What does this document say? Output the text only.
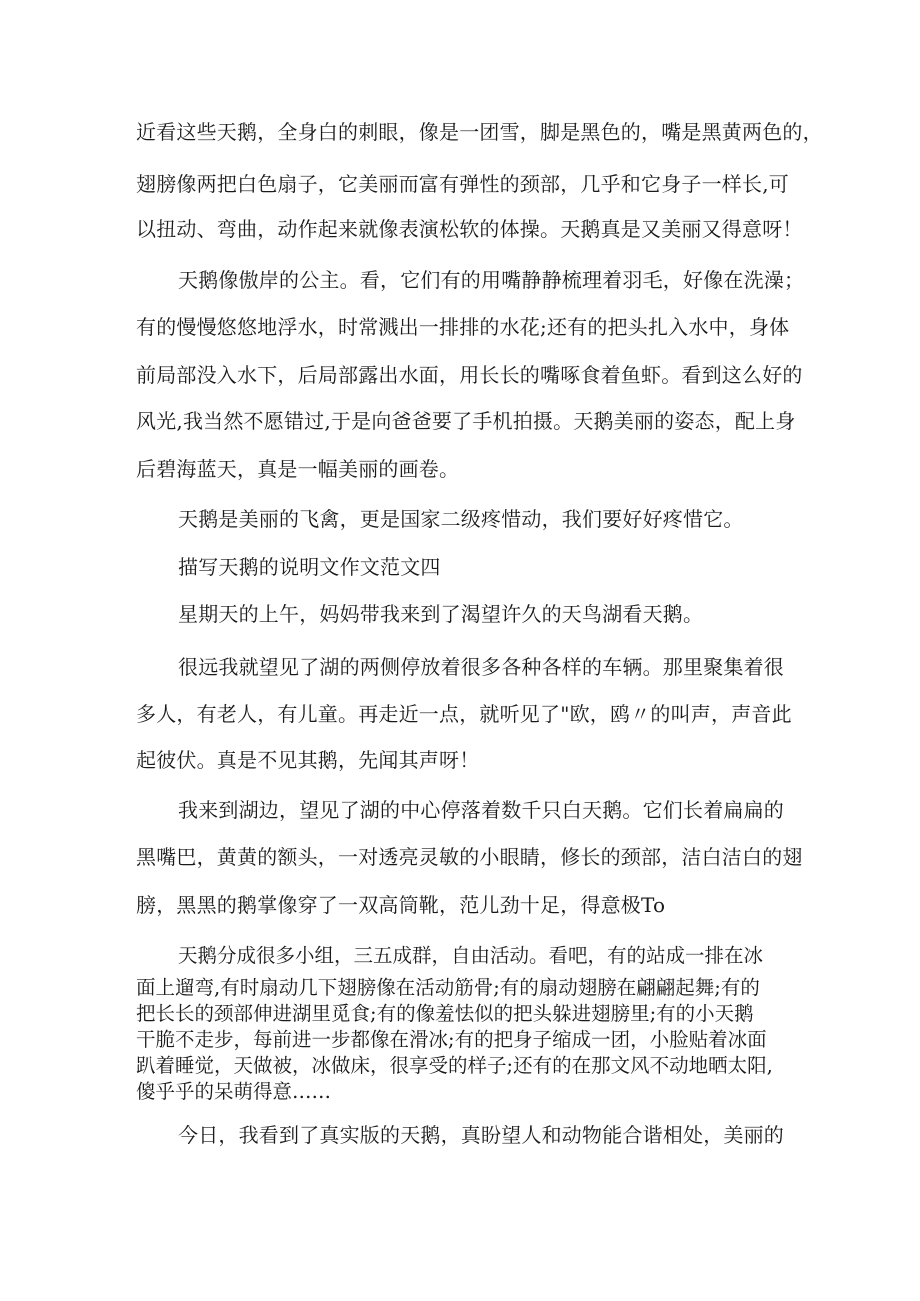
近看这些天鹅，全身白的刺眼，像是一团雪，脚是黑色的，嘴是黑黄两色的，
翅膀像两把白色扇子，它美丽而富有弹性的颈部，几乎和它身子一样长,可
以扭动、弯曲，动作起来就像表演松软的体操。天鹅真是又美丽又得意呀！
天鹅像傲岸的公主。看，它们有的用嘴静静梳理着羽毛，好像在洗澡；
有的慢慢悠悠地浮水，时常溅出一排排的水花;还有的把头扎入水中，身体
前局部没入水下，后局部露出水面，用长长的嘴啄食着鱼虾。看到这么好的
风光,我当然不愿错过,于是向爸爸要了手机拍摄。天鹅美丽的姿态，配上身
后碧海蓝天，真是一幅美丽的画卷。
天鹅是美丽的飞禽，更是国家二级疼惜动，我们要好好疼惜它。
描写天鹅的说明文作文范文四
星期天的上午，妈妈带我来到了渴望许久的天鸟湖看天鹅。
很远我就望见了湖的两侧停放着很多各种各样的车辆。那里聚集着很
多人，有老人，有儿童。再走近一点，就听见了"欧，鸥〃的叫声，声音此
起彼伏。真是不见其鹅，先闻其声呀！
我来到湖边，望见了湖的中心停落着数千只白天鹅。它们长着扁扁的
黑嘴巴，黄黄的额头，一对透亮灵敏的小眼睛，修长的颈部，洁白洁白的翅
膀，黑黑的鹅掌像穿了一双高筒靴，范儿劲十足，得意极To
天鹅分成很多小组，三五成群，自由活动。看吧，有的站成一排在冰
面上遛弯,有时扇动几下翅膀像在活动筋骨;有的扇动翅膀在翩翩起舞;有的
把长长的颈部伸进湖里觅食;有的像羞怯似的把头躲进翅膀里;有的小天鹅
干脆不走步，每前进一步都像在滑冰;有的把身子缩成一团，小脸贴着冰面
趴着睡觉，天做被，冰做床，很享受的样子;还有的在那文风不动地晒太阳,
傻乎乎的呆萌得意……
今日，我看到了真实版的天鹅，真盼望人和动物能合谐相处，美丽的
